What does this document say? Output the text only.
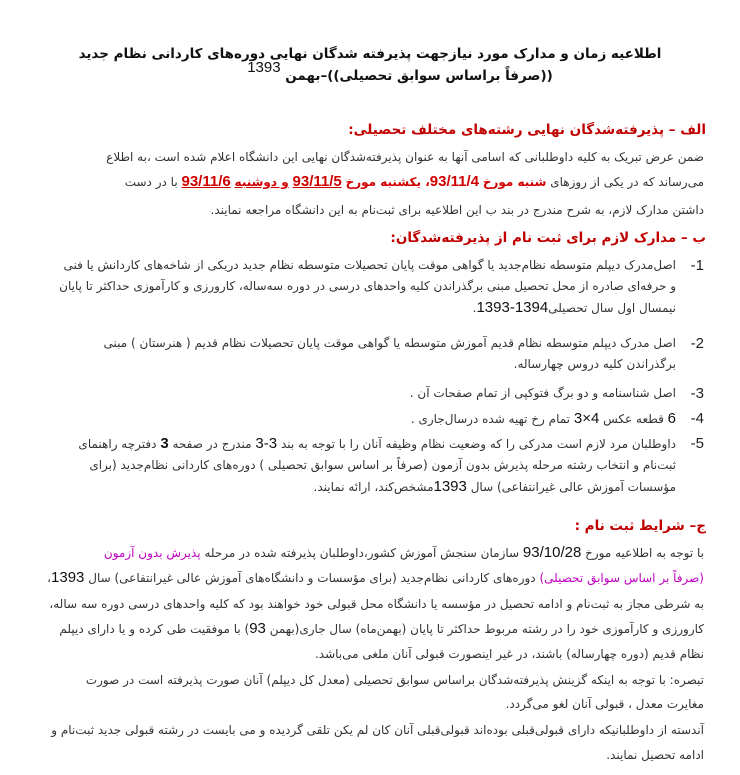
اطلاعیه زمان و مدارک مورد نیازجهت پذیرفته شدگان نهایی دوره‌های کاردانی نظام جدید
((صرفاً براساس سوابق تحصیلی))–بهمن 1393
الف – پذیرفته‌شدگان نهایی رشته‌های مختلف تحصیلی:
ضمن عرض تبریک به کلیه داوطلبانی که اسامی آنها به عنوان پذیرفته‌شدگان نهایی این دانشگاه اعلام شده است ،به اطلاع
می‌رساند که در یکی از روزهای شنبه مورخ 93/11/4، یکشنبه مورخ 93/11/5 و دوشنبه 93/11/6 با در دست
داشتن مدارک لازم، به شرح مندرج در بند ب این اطلاعیه برای ثبت‌نام به این دانشگاه مراجعه نمایند.
ب – مدارک لازم برای ثبت نام از پذیرفته‌شدگان:
1-
اصل‌مدرک دیپلم متوسطه نظام‌جدید یا گواهی موقت پایان تحصیلات متوسطه نظام جدید دریکی از شاخه‌های کاردانش یا فنی
و حرفه‌ای صادره از محل تحصیل مبنی برگذراندن کلیه واحدهای درسی در دوره سه‌ساله، کارورزی و کارآموزی حداکثر تا پایان
نیمسال اول سال تحصیلی1394-1393.
2-
اصل مدرک دیپلم متوسطه نظام قدیم آموزش متوسطه یا گواهی موقت پایان تحصیلات نظام قدیم ( هنرستان ) مبنی
برگذراندن کلیه دروس چهارساله.
3-
اصل شناسنامه و دو برگ فتوکپی از تمام صفحات آن .
4-
6 قطعه عکس 4×3 تمام رخ تهیه شده درسال‌جاری .
5-
داوطلبان مرد لازم است مدرکی را که وضعیت نظام وظیفه آنان را با توجه به بند 3-3 مندرج در صفحه 3 دفترچه راهنمای
ثبت‌نام و انتخاب رشته مرحله پذیرش بدون آزمون (صرفاً بر اساس سوابق تحصیلی ) دوره‌های کاردانی نظام‌جدید (برای
مؤسسات آموزش عالی غیرانتفاعی) سال 1393مشخص‌کند، ارائه نمایند.
ج– شرایط ثبت نام :
با توجه به اطلاعیه مورخ 93/10/28 سازمان سنجش آموزش کشور،داوطلبان پذیرفته شده در مرحله پذیرش بدون آزمون
(صرفاً بر اساس سوابق تحصیلی) دوره‌های کاردانی نظام‌جدید (برای مؤسسات و دانشگاه‌های آموزش عالی غیرانتفاعی) سال 1393،
به شرطی مجاز به ثبت‌نام و ادامه تحصیل در مؤسسه یا دانشگاه محل قبولی خود خواهند بود که کلیه واحدهای درسی دوره سه ساله،
کارورزی و کارآموزی خود را در رشته مربوط حداکثر تا پایان (بهمن‌ماه) سال جاری(بهمن 93) با موفقیت طی کرده و یا دارای دیپلم
نظام قدیم (دوره چهارساله) باشند، در غیر اینصورت قبولی آنان ملغی می‌باشد.
تبصره: با توجه به اینکه گزینش پذیرفته‌شدگان براساس سوابق تحصیلی (معدل کل دیپلم) آنان صورت پذیرفته است در صورت
مغایرت معدل ، قبولی آنان لغو می‌گردد.
آندسته از داوطلبانیکه دارای قبولی‌قبلی بوده‌اند قبولی‌قبلی آنان کان لم یکن تلقی گردیده و می بایست در رشته قبولی جدید ثبت‌نام و
ادامه تحصیل نمایند.
